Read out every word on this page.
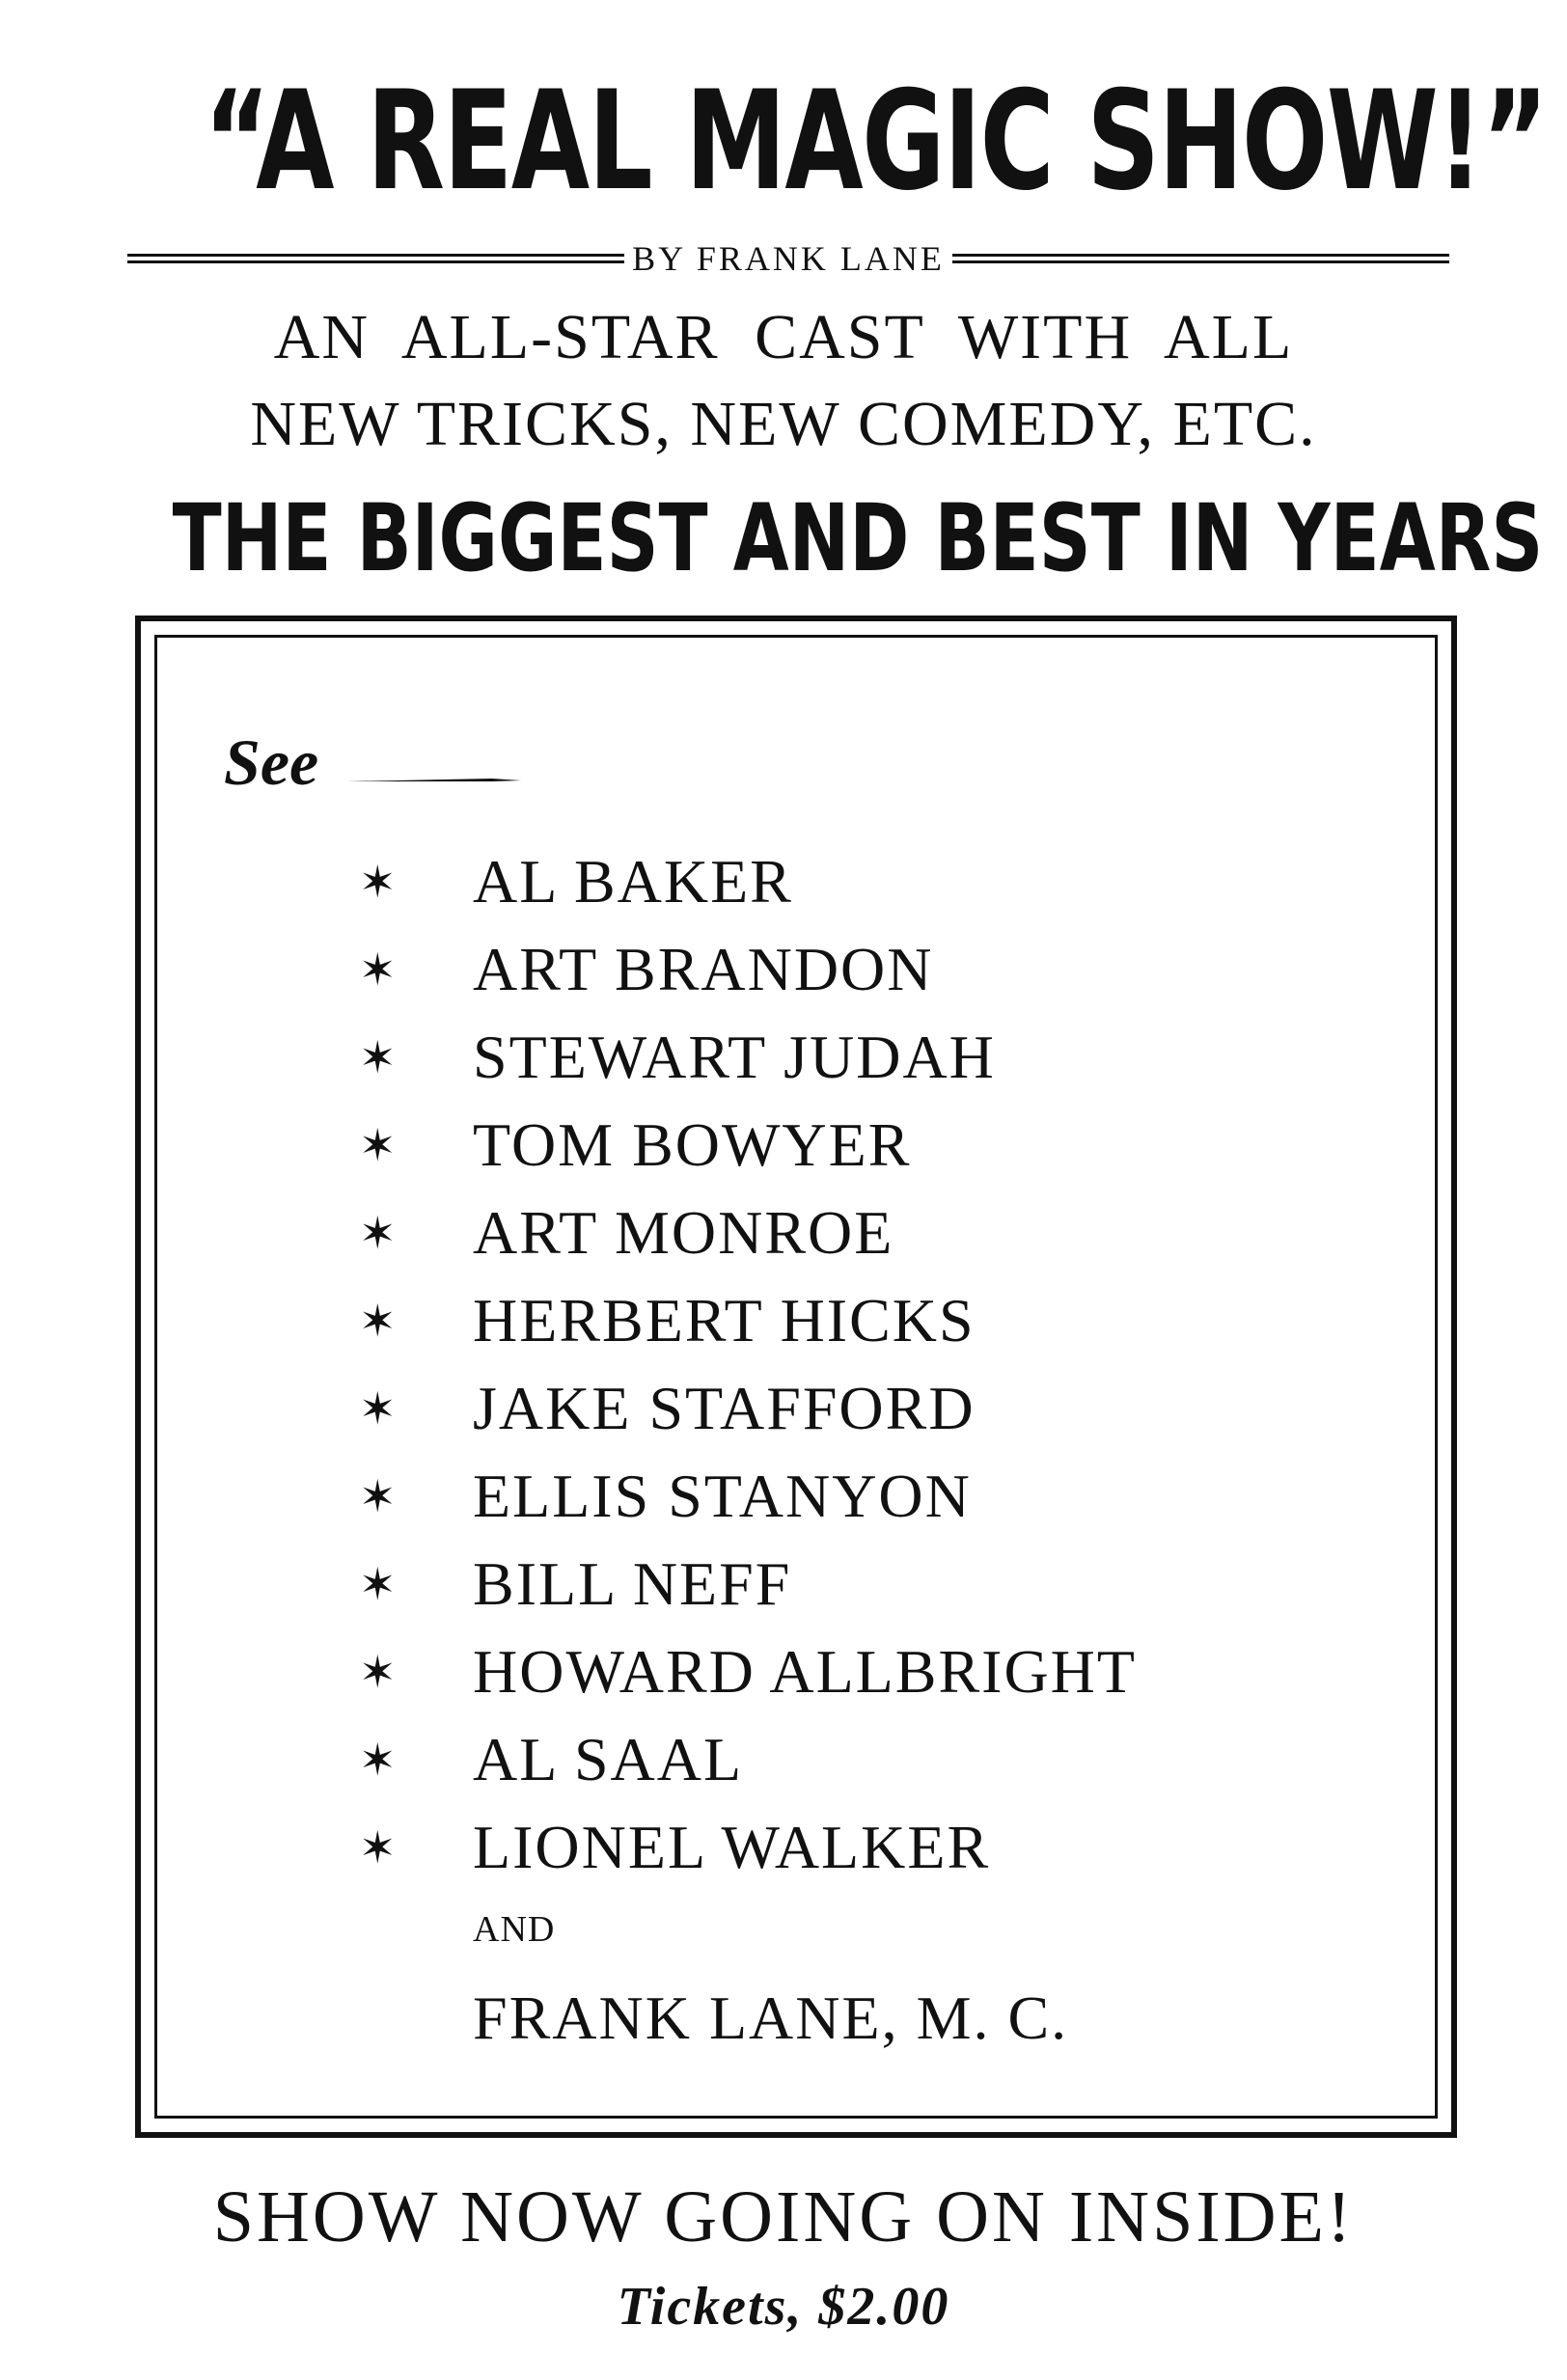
“A REAL MAGIC SHOW!”
BY FRANK LANE
AN ALL-STAR CAST WITH ALL
NEW TRICKS, NEW COMEDY, ETC.
THE BIGGEST AND BEST IN YEARS
See
✶	AL BAKER
✶	ART BRANDON
✶	STEWART JUDAH
✶	TOM BOWYER
✶	ART MONROE
✶	HERBERT HICKS
✶	JAKE STAFFORD
✶	ELLIS STANYON
✶	BILL NEFF
✶	HOWARD ALLBRIGHT
✶	AL SAAL
✶	LIONEL WALKER
AND
FRANK LANE, M. C.
SHOW NOW GOING ON INSIDE!
Tickets, $2.00
